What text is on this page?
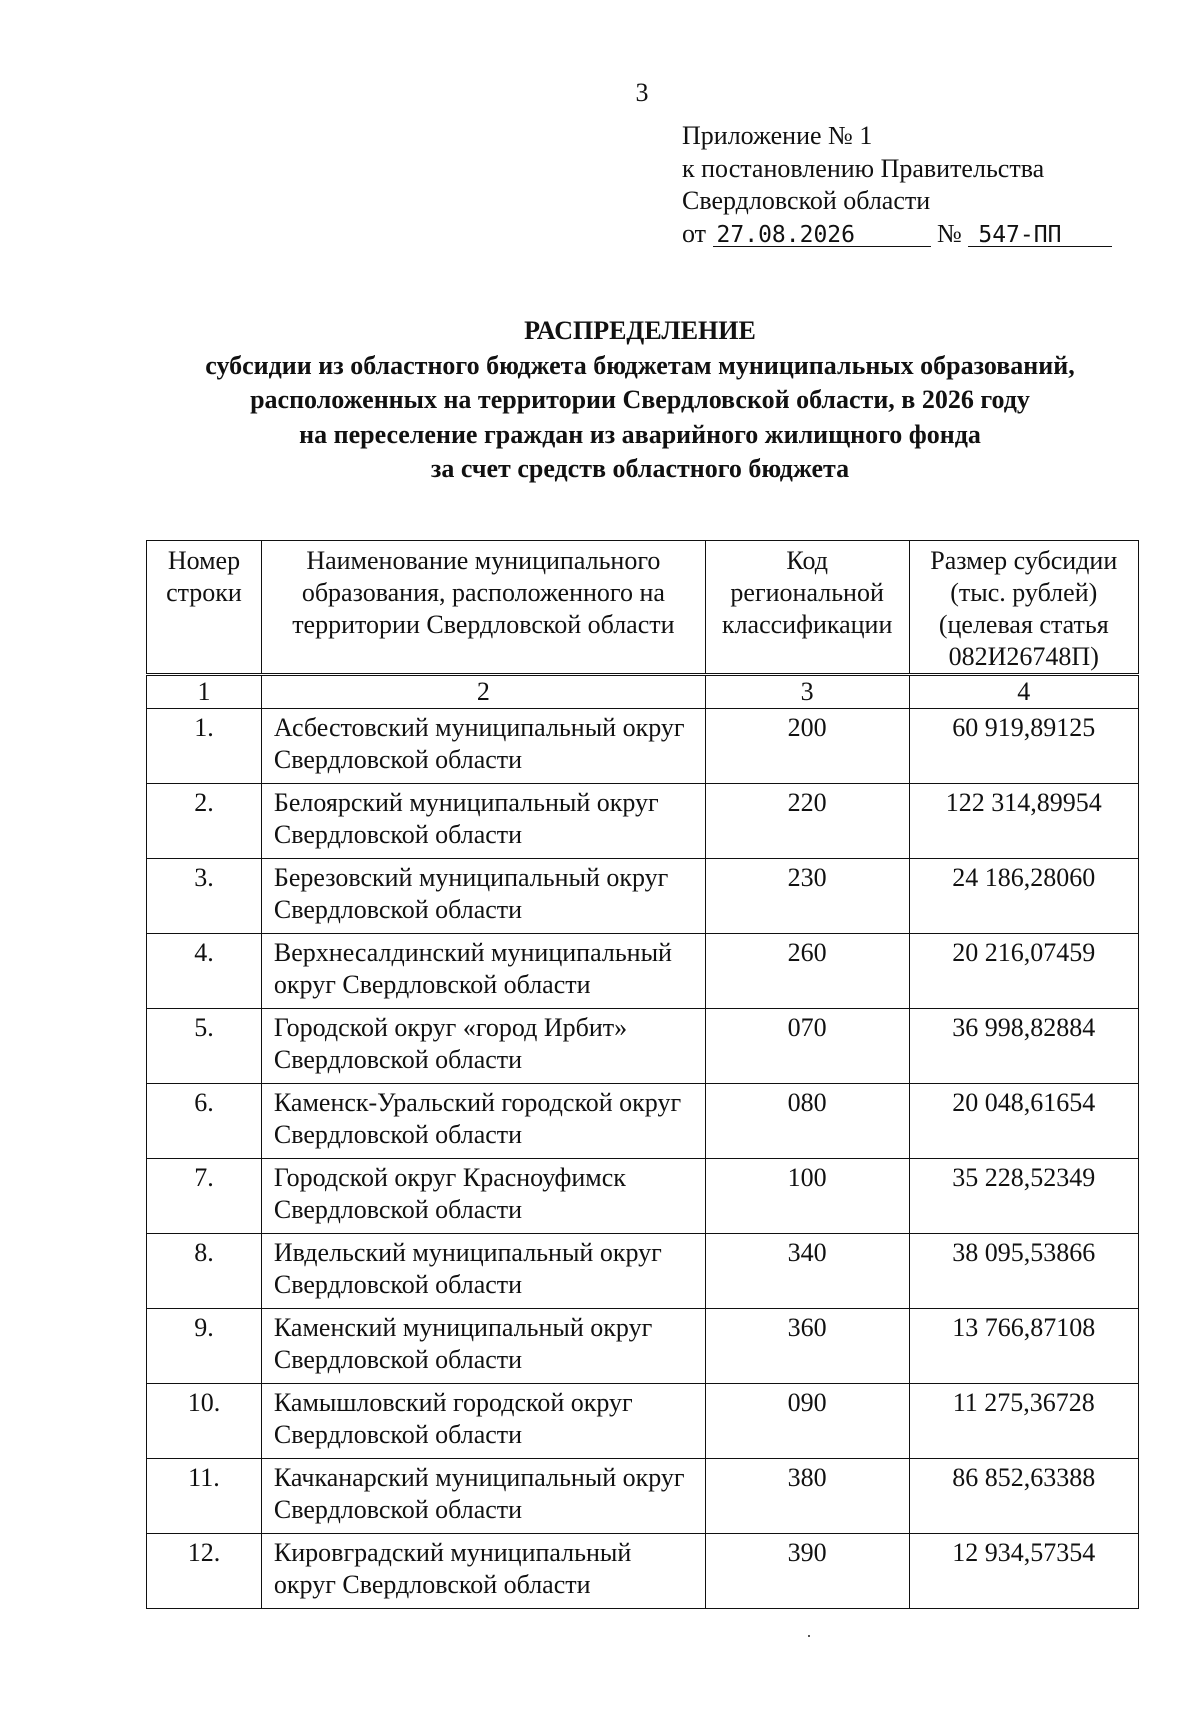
3
Приложение № 1
к постановлению Правительства
Свердловской области
от 27.08.2026	№ 547-ПП
РАСПРЕДЕЛЕНИЕ
субсидии из областного бюджета бюджетам муниципальных образований,
расположенных на территории Свердловской области, в 2026 году
на переселение граждан из аварийного жилищного фонда
за счет средств областного бюджета
Номер строки	Наименование муниципального образования, расположенного на территории Свердловской области	Код региональной классификации	Размер субсидии (тыс. рублей) (целевая статья 082И26748П)
1	2	3	4
1.	Асбестовский муниципальный округ Свердловской области	200	60 919,89125
2.	Белоярский муниципальный округ Свердловской области	220	122 314,89954
3.	Березовский муниципальный округ Свердловской области	230	24 186,28060
4.	Верхнесалдинский муниципальный округ Свердловской области	260	20 216,07459
5.	Городской округ «город Ирбит» Свердловской области	070	36 998,82884
6.	Каменск-Уральский городской округ Свердловской области	080	20 048,61654
7.	Городской округ Красноуфимск Свердловской области	100	35 228,52349
8.	Ивдельский муниципальный округ Свердловской области	340	38 095,53866
9.	Каменский муниципальный округ Свердловской области	360	13 766,87108
10.	Камышловский городской округ Свердловской области	090	11 275,36728
11.	Качканарский муниципальный округ Свердловской области	380	86 852,63388
12.	Кировградский муниципальный округ Свердловской области	390	12 934,57354
